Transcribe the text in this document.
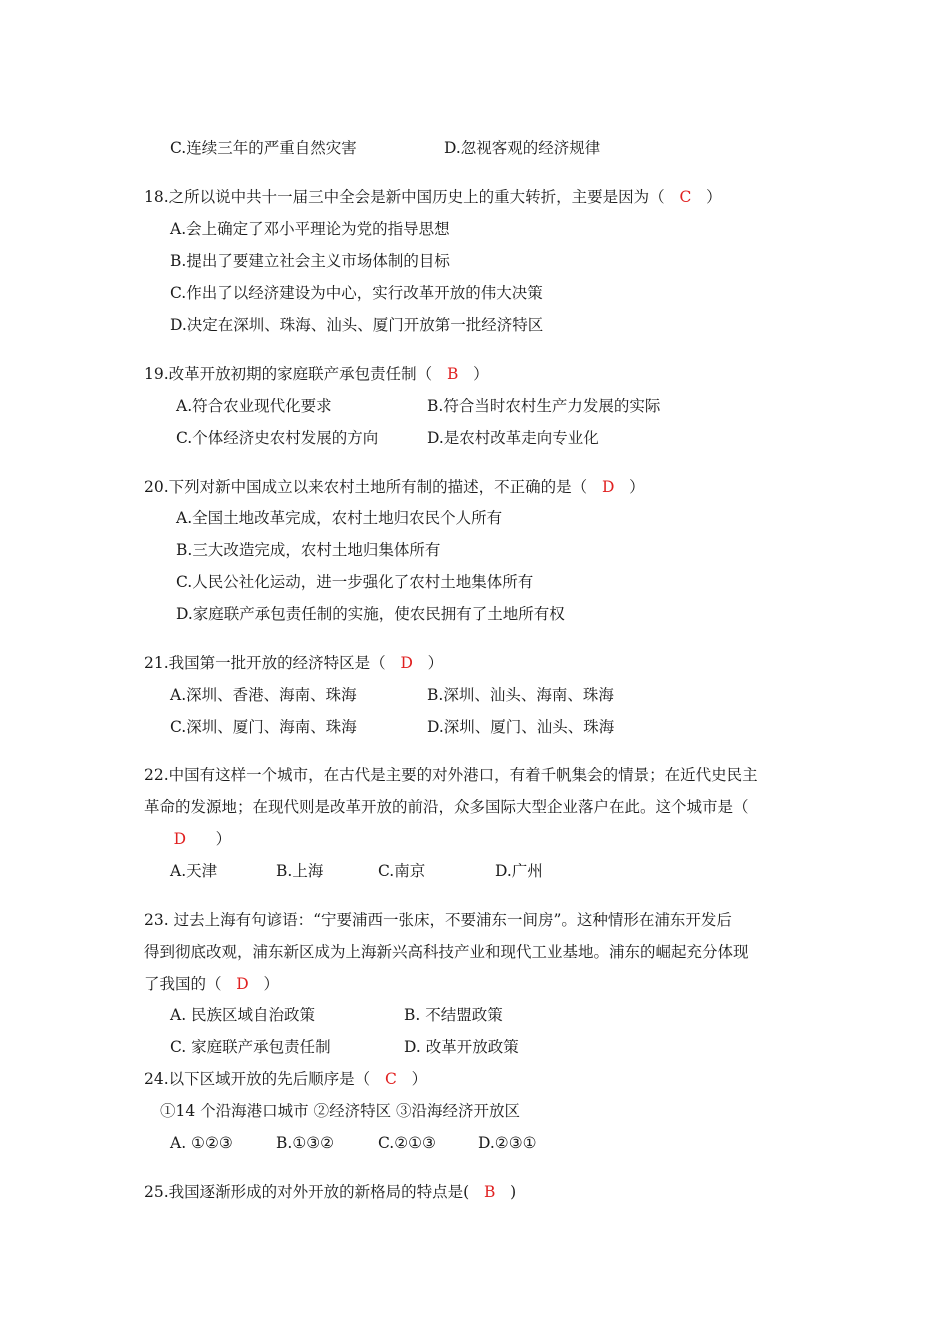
C.连续三年的严重自然灾害	D.忽视客观的经济规律
18.之所以说中共十一届三中全会是新中国历史上的重大转折，主要是因为（ C ）
A.会上确定了邓小平理论为党的指导思想
B.提出了要建立社会主义市场体制的目标
C.作出了以经济建设为中心，实行改革开放的伟大决策
D.决定在深圳、珠海、汕头、厦门开放第一批经济特区
19.改革开放初期的家庭联产承包责任制（ B ）
A.符合农业现代化要求	B.符合当时农村生产力发展的实际
C.个体经济史农村发展的方向	D.是农村改革走向专业化
20.下列对新中国成立以来农村土地所有制的描述，不正确的是（ D ）
A.全国土地改革完成，农村土地归农民个人所有
B.三大改造完成，农村土地归集体所有
C.人民公社化运动，进一步强化了农村土地集体所有
D.家庭联产承包责任制的实施，使农民拥有了土地所有权
21.我国第一批开放的经济特区是（ D ）
A.深圳、香港、海南、珠海	B.深圳、汕头、海南、珠海
C.深圳、厦门、海南、珠海	D.深圳、厦门、汕头、珠海
22.中国有这样一个城市，在古代是主要的对外港口，有着千帆集会的情景；在近代史民主
革命的发源地；在现代则是改革开放的前沿，众多国际大型企业落户在此。这个城市是（
D ）
A.天津	B.上海	C.南京	D.广州
23. 过去上海有句谚语：“宁要浦西一张床，不要浦东一间房”。这种情形在浦东开发后
得到彻底改观，浦东新区成为上海新兴高科技产业和现代工业基地。浦东的崛起充分体现
了我国的（ D ）
A. 民族区域自治政策	B. 不结盟政策
C. 家庭联产承包责任制	D. 改革开放政策
24.以下区域开放的先后顺序是（ C ）
①14 个沿海港口城市 ②经济特区 ③沿海经济开放区
A. ①②③	B.①③②	C.②①③	D.②③①
25.我国逐渐形成的对外开放的新格局的特点是( B )
